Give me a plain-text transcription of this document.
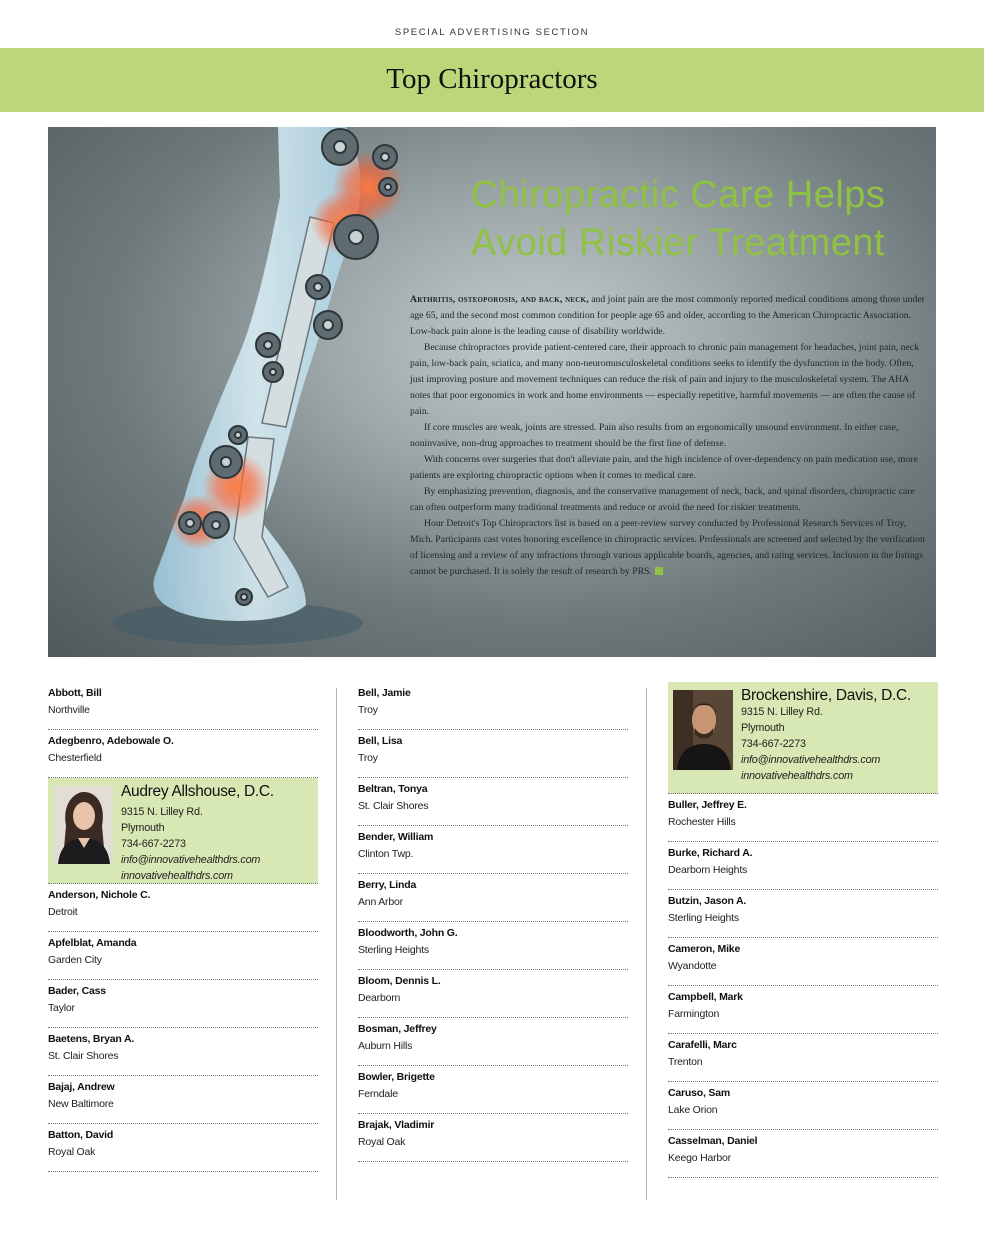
SPECIAL ADVERTISING SECTION
Top Chiropractors
Chiropractic Care Helps
Avoid Riskier Treatment

Arthritis, osteoporosis, and back, neck, and joint pain are the most commonly reported medical conditions among those under age 65, and the second most common condition for people age 65 and older, according to the American Chiropractic Association. Low-back pain alone is the leading cause of disability worldwide.

Because chiropractors provide patient-centered care, their approach to chronic pain management for headaches, joint pain, neck pain, low-back pain, sciatica, and many non-neuromusculoskeletal conditions seeks to identify the dysfunction in the body. Often, just improving posture and movement techniques can reduce the risk of pain and injury to the musculoskeletal system. The AHA notes that poor ergonomics in work and home environments — especially repetitive, harmful movements — are often the cause of pain.

If core muscles are weak, joints are stressed. Pain also results from an ergonomically unsound environment. In either case, noninvasive, non-drug approaches to treatment should be the first line of defense.

With concerns over surgeries that don't alleviate pain, and the high incidence of over-dependency on pain medication use, more patients are exploring chiropractic options when it comes to medical care.

By emphasizing prevention, diagnosis, and the conservative management of neck, back, and spinal disorders, chiropractic care can often outperform many traditional treatments and reduce or avoid the need for riskier treatments.

Hour Detroit's Top Chiropractors list is based on a peer-review survey conducted by Professional Research Services of Troy, Mich. Participants cast votes honoring excellence in chiropractic services. Professionals are screened and selected by the verification of licensing and a review of any infractions through various applicable boards, agencies, and rating services. Inclusion in the listings cannot be purchased. It is solely the result of research by PRS.

Abbott, Bill
Northville
Adegbenro, Adebowale O.
Chesterfield
Audrey Allshouse, D.C.
9315 N. Lilley Rd.
Plymouth
734-667-2273
info@innovativehealthdrs.com
innovativehealthdrs.com
Anderson, Nichole C.
Detroit
Apfelblat, Amanda
Garden City
Bader, Cass
Taylor
Baetens, Bryan A.
St. Clair Shores
Bajaj, Andrew
New Baltimore
Batton, David
Royal Oak
Bell, Jamie
Troy
Bell, Lisa
Troy
Beltran, Tonya
St. Clair Shores
Bender, William
Clinton Twp.
Berry, Linda
Ann Arbor
Bloodworth, John G.
Sterling Heights
Bloom, Dennis L.
Dearborn
Bosman, Jeffrey
Auburn Hills
Bowler, Brigette
Ferndale
Brajak, Vladimir
Royal Oak
Brockenshire, Davis, D.C.
9315 N. Lilley Rd.
Plymouth
734-667-2273
info@innovativehealthdrs.com
innovativehealthdrs.com
Buller, Jeffrey E.
Rochester Hills
Burke, Richard A.
Dearborn Heights
Butzin, Jason A.
Sterling Heights
Cameron, Mike
Wyandotte
Campbell, Mark
Farmington
Carafelli, Marc
Trenton
Caruso, Sam
Lake Orion
Casselman, Daniel
Keego Harbor
